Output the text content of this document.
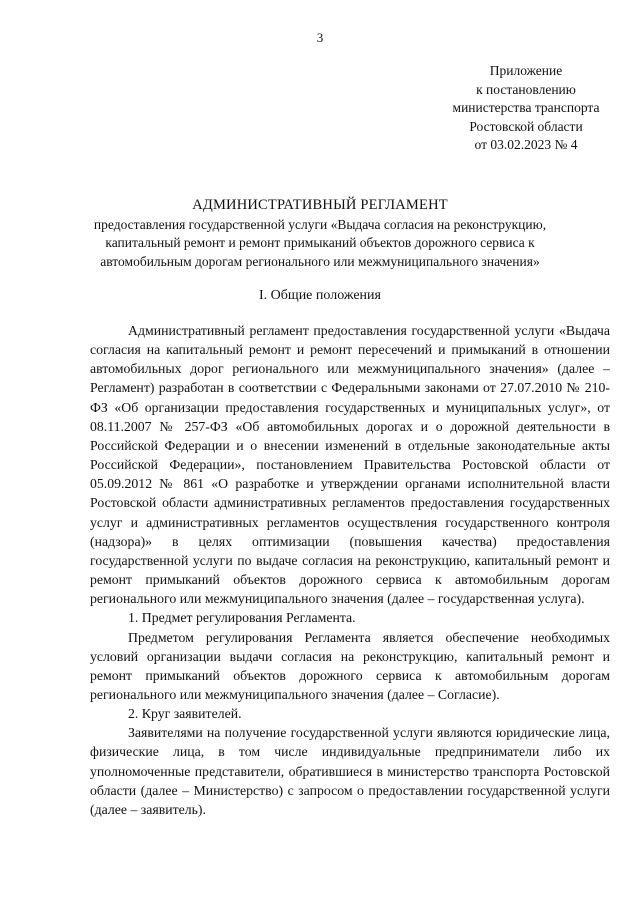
3
Приложение
к постановлению
министерства транспорта
Ростовской области
от 03.02.2023 № 4
АДМИНИСТРАТИВНЫЙ РЕГЛАМЕНТ
предоставления государственной услуги «Выдача согласия на реконструкцию, капитальный ремонт и ремонт примыканий объектов дорожного сервиса к автомобильным дорогам регионального или межмуниципального значения»
I. Общие положения

Административный регламент предоставления государственной услуги «Выдача согласия на капитальный ремонт и ремонт пересечений и примыканий в отношении автомобильных дорог регионального или межмуниципального значения» (далее – Регламент) разработан в соответствии с Федеральными законами от 27.07.2010 № 210-ФЗ «Об организации предоставления государственных и муниципальных услуг», от 08.11.2007 № 257-ФЗ «Об автомобильных дорогах и о дорожной деятельности в Российской Федерации и о внесении изменений в отдельные законодательные акты Российской Федерации», постановлением Правительства Ростовской области от 05.09.2012 № 861 «О разработке и утверждении органами исполнительной власти Ростовской области административных регламентов предоставления государственных услуг и административных регламентов осуществления государственного контроля (надзора)» в целях оптимизации (повышения качества) предоставления государственной услуги по выдаче согласия на реконструкцию, капитальный ремонт и ремонт примыканий объектов дорожного сервиса к автомобильным дорогам регионального или межмуниципального значения (далее – государственная услуга).

1. Предмет регулирования Регламента.

Предметом регулирования Регламента является обеспечение необходимых условий организации выдачи согласия на реконструкцию, капитальный ремонт и ремонт примыканий объектов дорожного сервиса к автомобильным дорогам регионального или межмуниципального значения (далее – Согласие).

2. Круг заявителей.

Заявителями на получение государственной услуги являются юридические лица, физические лица, в том числе индивидуальные предприниматели либо их уполномоченные представители, обратившиеся в министерство транспорта Ростовской области (далее – Министерство) с запросом о предоставлении государственной услуги (далее – заявитель).
